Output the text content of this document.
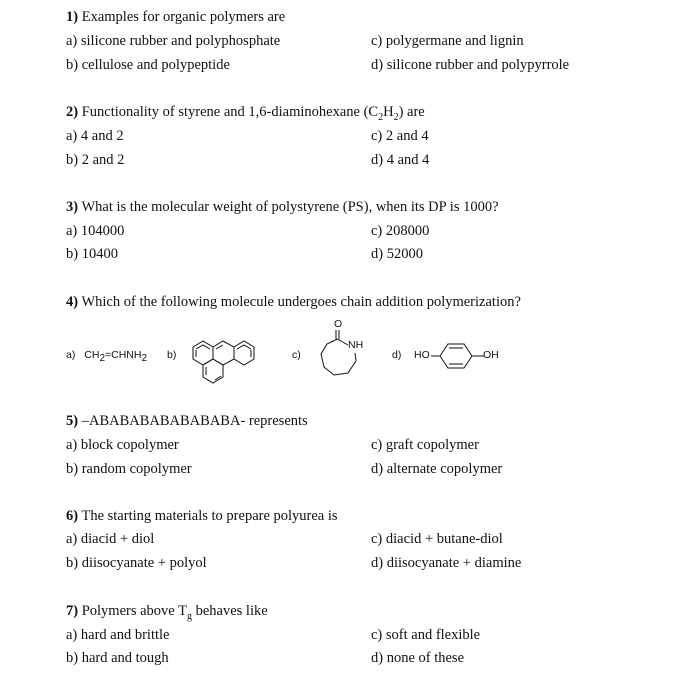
1) Examples for organic polymers are
a) silicone rubber and polyphosphate	c) polygermane and lignin
b) cellulose and polypeptide	d) silicone rubber and polypyrrole
2) Functionality of styrene and 1,6-diaminohexane $(C_2H_2)$ are
a) 4 and 2	c) 2 and 4
b) 2 and 2	d) 4 and 4
3) What is the molecular weight of polystyrene (PS), when its DP is 1000?
a) 104000	c) 208000
b) 10400	d) 52000
4) Which of the following molecule undergoes chain addition polymerization?
a) $CH_2=CHNH_2$ b)	c)
O
NH
d) HO	OH
5) –ABABABABABABABA- represents
a) block copolymer	c) graft copolymer
b) random copolymer	d) alternate copolymer
6) The starting materials to prepare polyurea is
a) diacid + diol	c) diacid + butane-diol
b) diisocyanate + polyol	d) diisocyanate + diamine
7) Polymers above $T_g$ behaves like
a) hard and brittle	c) soft and flexible
b) hard and tough	d) none of these
